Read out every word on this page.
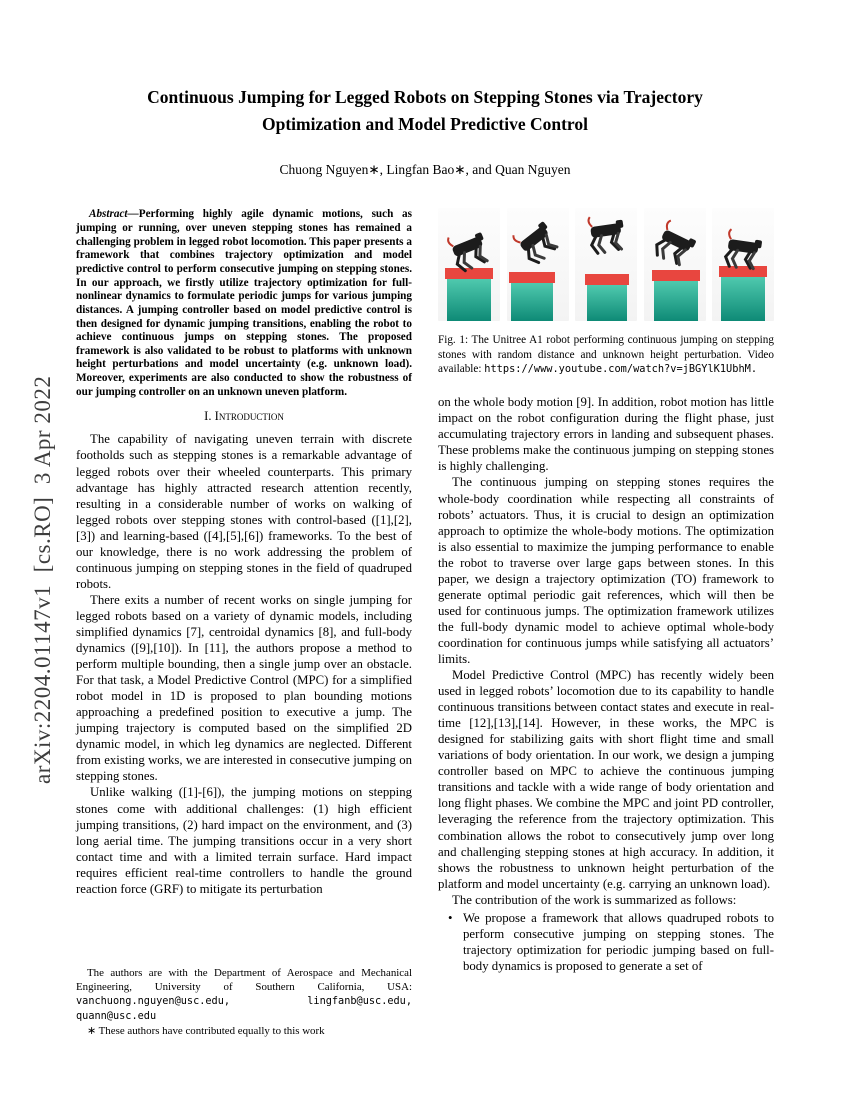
arXiv:2204.01147v1  [cs.RO]  3 Apr 2022

Continuous Jumping for Legged Robots on Stepping Stones via Trajectory Optimization and Model Predictive Control

Chuong Nguyen∗, Lingfan Bao∗, and Quan Nguyen

Abstract—Performing highly agile dynamic motions, such as jumping or running, over uneven stepping stones has remained a challenging problem in legged robot locomotion. This paper presents a framework that combines trajectory optimization and model predictive control to perform consecutive jumping on stepping stones. In our approach, we firstly utilize trajectory optimization for full-nonlinear dynamics to formulate periodic jumps for various jumping distances. A jumping controller based on model predictive control is then designed for dynamic jumping transitions, enabling the robot to achieve continuous jumps on stepping stones. The proposed framework is also validated to be robust to platforms with unknown height perturbations and model uncertainty (e.g. unknown load). Moreover, experiments are also conducted to show the robustness of our jumping controller on an unknown uneven platform.

I. Introduction

The capability of navigating uneven terrain with discrete footholds such as stepping stones is a remarkable advantage of legged robots over their wheeled counterparts. This primary advantage has highly attracted research attention recently, resulting in a considerable number of works on walking of legged robots over stepping stones with control-based ([1],[2],[3]) and learning-based ([4],[5],[6]) frameworks. To the best of our knowledge, there is no work addressing the problem of continuous jumping on stepping stones in the field of quadruped robots.

There exits a number of recent works on single jumping for legged robots based on a variety of dynamic models, including simplified dynamics [7], centroidal dynamics [8], and full-body dynamics ([9],[10]). In [11], the authors propose a method to perform multiple bounding, then a single jump over an obstacle. For that task, a Model Predictive Control (MPC) for a simplified robot model in 1D is proposed to plan bounding motions approaching a predefined position to executive a jump. The jumping trajectory is computed based on the simplified 2D dynamic model, in which leg dynamics are neglected. Different from existing works, we are interested in consecutive jumping on stepping stones.

Unlike walking ([1]-[6]), the jumping motions on stepping stones come with additional challenges: (1) high efficient jumping transitions, (2) hard impact on the environment, and (3) long aerial time. The jumping transitions occur in a very short contact time and with a limited terrain surface. Hard impact requires efficient real-time controllers to handle the ground reaction force (GRF) to mitigate its perturbation

The authors are with the Department of Aerospace and Mechanical Engineering, University of Southern California, USA: vanchuong.nguyen@usc.edu, lingfanb@usc.edu, quann@usc.edu

∗ These authors have contributed equally to this work

Fig. 1: The Unitree A1 robot performing continuous jumping on stepping stones with random distance and unknown height perturbation. Video available: https://www.youtube.com/watch?v=jBGYlK1UbhM.

on the whole body motion [9]. In addition, robot motion has little impact on the robot configuration during the flight phase, just accumulating trajectory errors in landing and subsequent phases. These problems make the continuous jumping on stepping stones is highly challenging.

The continuous jumping on stepping stones requires the whole-body coordination while respecting all constraints of robots’ actuators. Thus, it is crucial to design an optimization approach to optimize the whole-body motions. The optimization is also essential to maximize the jumping performance to enable the robot to traverse over large gaps between stones. In this paper, we design a trajectory optimization (TO) framework to generate optimal periodic gait references, which will then be used for continuous jumps. The optimization framework utilizes the full-body dynamic model to achieve optimal whole-body coordination for continuous jumps while satisfying all actuators’ limits.

Model Predictive Control (MPC) has recently widely been used in legged robots’ locomotion due to its capability to handle continuous transitions between contact states and execute in real-time [12],[13],[14]. However, in these works, the MPC is designed for stabilizing gaits with short flight time and small variations of body orientation. In our work, we design a jumping controller based on MPC to achieve the continuous jumping transitions and tackle with a wide range of body orientation and long flight phases. We combine the MPC and joint PD controller, leveraging the reference from the trajectory optimization. This combination allows the robot to consecutively jump over long and challenging stepping stones at high accuracy. In addition, it shows the robustness to unknown height perturbation of the platform and model uncertainty (e.g. carrying an unknown load).

The contribution of the work is summarized as follows:

• We propose a framework that allows quadruped robots to perform consecutive jumping on stepping stones. The trajectory optimization for periodic jumping based on full-body dynamics is proposed to generate a set of
